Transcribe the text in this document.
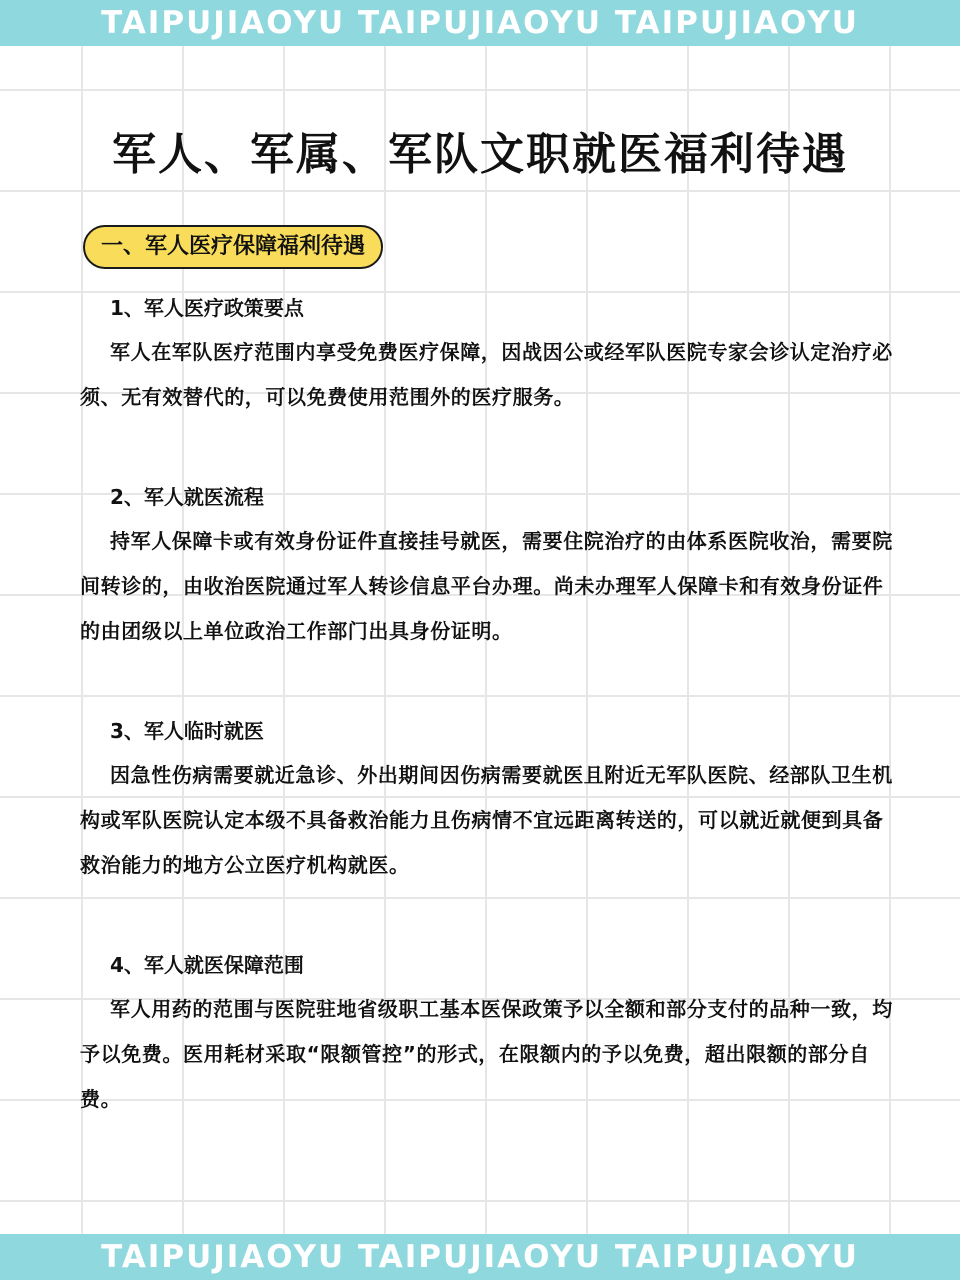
TAIPUJIAOYU TAIPUJIAOYU TAIPUJIAOYU
军人、军属、军队文职就医福利待遇
一、军人医疗保障福利待遇
1、军人医疗政策要点

军人在军队医疗范围内享受免费医疗保障，因战因公或经军队医院专家会诊认定治疗必须、无有效替代的，可以免费使用范围外的医疗服务。

2、军人就医流程

持军人保障卡或有效身份证件直接挂号就医，需要住院治疗的由体系医院收治，需要院间转诊的，由收治医院通过军人转诊信息平台办理。尚未办理军人保障卡和有效身份证件的由团级以上单位政治工作部门出具身份证明。

3、军人临时就医

因急性伤病需要就近急诊、外出期间因伤病需要就医且附近无军队医院、经部队卫生机构或军队医院认定本级不具备救治能力且伤病情不宜远距离转送的，可以就近就便到具备救治能力的地方公立医疗机构就医。

4、军人就医保障范围

军人用药的范围与医院驻地省级职工基本医保政策予以全额和部分支付的品种一致，均予以免费。医用耗材采取“限额管控”的形式，在限额内的予以免费，超出限额的部分自费。

TAIPUJIAOYU TAIPUJIAOYU TAIPUJIAOYU
